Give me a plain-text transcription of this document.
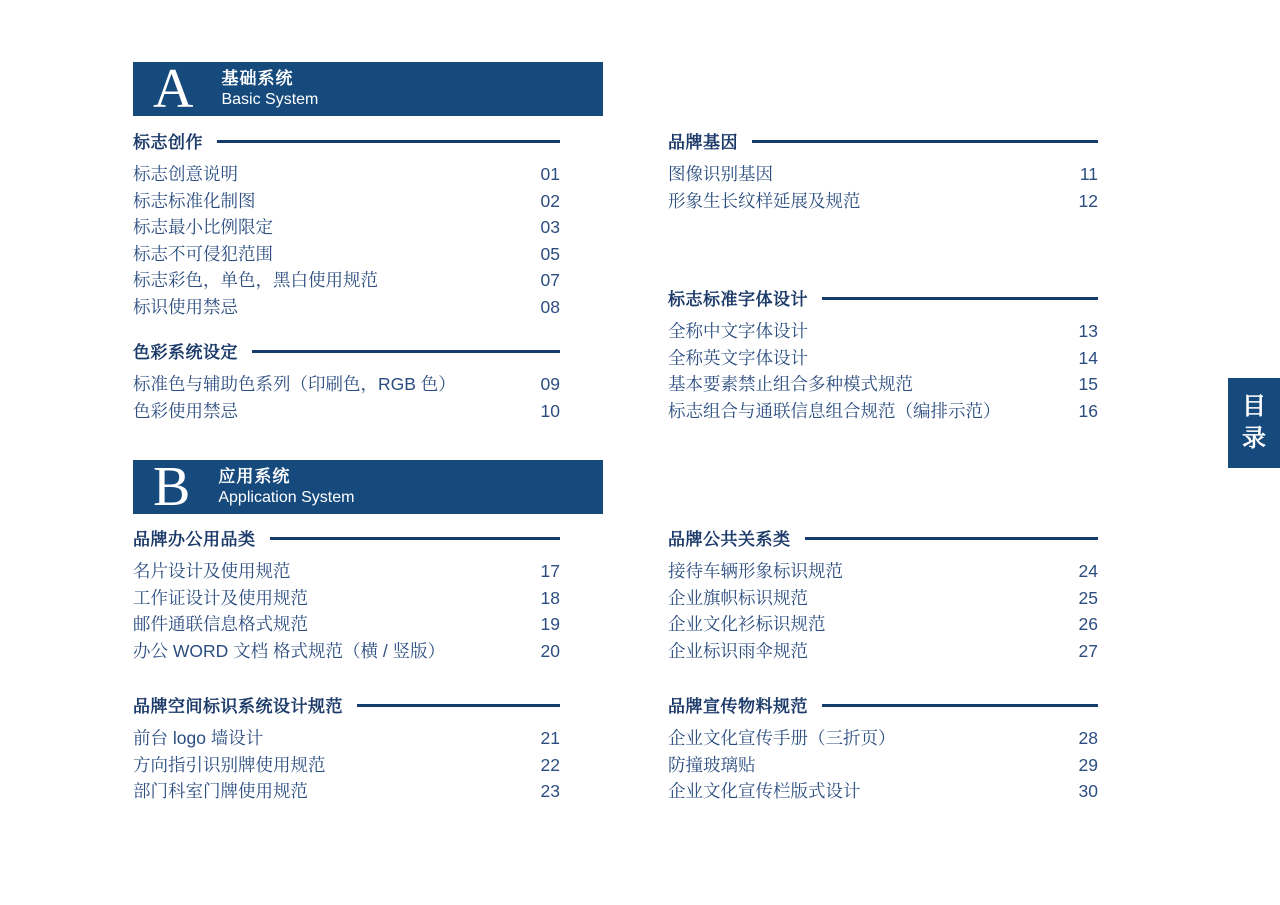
A 基础系统
Basic System
B 应用系统
Application System
标志创作
标志创意说明	01
标志标准化制图	02
标志最小比例限定	03
标志不可侵犯范围	05
标志彩色，单色，黑白使用规范	07
标识使用禁忌	08
色彩系统设定
标准色与辅助色系列（印刷色，RGB 色）	09
色彩使用禁忌	10
品牌基因
图像识别基因	11
形象生长纹样延展及规范	12
标志标准字体设计
全称中文字体设计	13
全称英文字体设计	14
基本要素禁止组合多种模式规范	15
标志组合与通联信息组合规范（编排示范）	16
品牌办公用品类
名片设计及使用规范	17
工作证设计及使用规范	18
邮件通联信息格式规范	19
办公 WORD 文档 格式规范（横 / 竖版）	20
品牌空间标识系统设计规范
前台 logo 墙设计	21
方向指引识别牌使用规范	22
部门科室门牌使用规范	23
品牌公共关系类
接待车辆形象标识规范	24
企业旗帜标识规范	25
企业文化衫标识规范	26
企业标识雨伞规范	27
品牌宣传物料规范
企业文化宣传手册（三折页）	28
防撞玻璃贴	29
企业文化宣传栏版式设计	30
目
录
